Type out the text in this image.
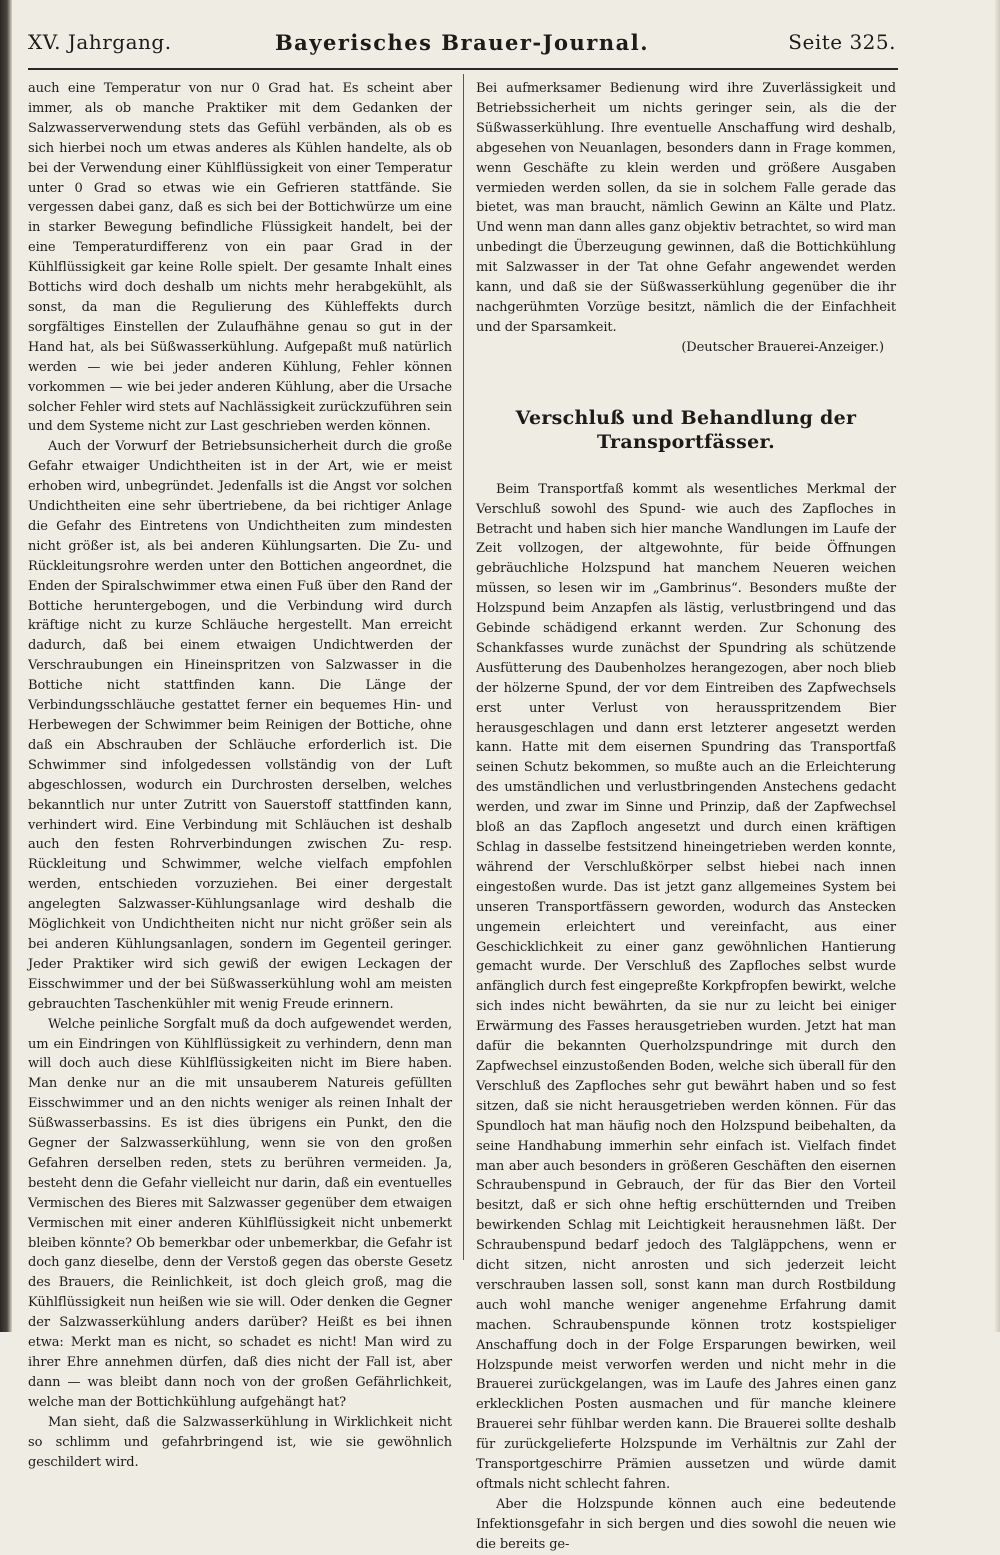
XV. Jahrgang.	Bayerisches Brauer-Journal.	Seite 325.

auch eine Temperatur von nur 0 Grad hat. Es scheint aber immer, als ob manche Praktiker mit dem Gedanken der Salzwasserverwendung stets das Gefühl verbänden, als ob es sich hierbei noch um etwas anderes als Kühlen handelte, als ob bei der Verwendung einer Kühlflüssigkeit von einer Temperatur unter 0 Grad so etwas wie ein Gefrieren stattfände. Sie vergessen dabei ganz, daß es sich bei der Bottichwürze um eine in starker Bewegung befindliche Flüssigkeit handelt, bei der eine Temperaturdifferenz von ein paar Grad in der Kühlflüssigkeit gar keine Rolle spielt. Der gesamte Inhalt eines Bottichs wird doch deshalb um nichts mehr herabgekühlt, als sonst, da man die Regulierung des Kühleffekts durch sorgfältiges Einstellen der Zulaufhähne genau so gut in der Hand hat, als bei Süßwasserkühlung. Aufgepaßt muß natürlich werden — wie bei jeder anderen Kühlung, Fehler können vorkommen — wie bei jeder anderen Kühlung, aber die Ursache solcher Fehler wird stets auf Nachlässigkeit zurückzuführen sein und dem Systeme nicht zur Last geschrieben werden können.

Auch der Vorwurf der Betriebsunsicherheit durch die große Gefahr etwaiger Undichtheiten ist in der Art, wie er meist erhoben wird, unbegründet. Jedenfalls ist die Angst vor solchen Undichtheiten eine sehr übertriebene, da bei richtiger Anlage die Gefahr des Eintretens von Undichtheiten zum mindesten nicht größer ist, als bei anderen Kühlungsarten. Die Zu- und Rückleitungsrohre werden unter den Bottichen angeordnet, die Enden der Spiralschwimmer etwa einen Fuß über den Rand der Bottiche heruntergebogen, und die Verbindung wird durch kräftige nicht zu kurze Schläuche hergestellt. Man erreicht dadurch, daß bei einem etwaigen Undichtwerden der Verschraubungen ein Hineinspritzen von Salzwasser in die Bottiche nicht stattfinden kann. Die Länge der Verbindungsschläuche gestattet ferner ein bequemes Hin- und Herbewegen der Schwimmer beim Reinigen der Bottiche, ohne daß ein Abschrauben der Schläuche erforderlich ist. Die Schwimmer sind infolgedessen vollständig von der Luft abgeschlossen, wodurch ein Durchrosten derselben, welches bekanntlich nur unter Zutritt von Sauerstoff stattfinden kann, verhindert wird. Eine Verbindung mit Schläuchen ist deshalb auch den festen Rohrverbindungen zwischen Zu- resp. Rückleitung und Schwimmer, welche vielfach empfohlen werden, entschieden vorzuziehen. Bei einer dergestalt angelegten Salzwasser-Kühlungsanlage wird deshalb die Möglichkeit von Undichtheiten nicht nur nicht größer sein als bei anderen Kühlungsanlagen, sondern im Gegenteil geringer. Jeder Praktiker wird sich gewiß der ewigen Leckagen der Eisschwimmer und der bei Süßwasserkühlung wohl am meisten gebrauchten Taschenkühler mit wenig Freude erinnern.

Welche peinliche Sorgfalt muß da doch aufgewendet werden, um ein Eindringen von Kühlflüssigkeit zu verhindern, denn man will doch auch diese Kühlflüssigkeiten nicht im Biere haben. Man denke nur an die mit unsauberem Natureis gefüllten Eisschwimmer und an den nichts weniger als reinen Inhalt der Süßwasserbassins. Es ist dies übrigens ein Punkt, den die Gegner der Salzwasserkühlung, wenn sie von den großen Gefahren derselben reden, stets zu berühren vermeiden. Ja, besteht denn die Gefahr vielleicht nur darin, daß ein eventuelles Vermischen des Bieres mit Salzwasser gegenüber dem etwaigen Vermischen mit einer anderen Kühlflüssigkeit nicht unbemerkt bleiben könnte? Ob bemerkbar oder unbemerkbar, die Gefahr ist doch ganz dieselbe, denn der Verstoß gegen das oberste Gesetz des Brauers, die Reinlichkeit, ist doch gleich groß, mag die Kühlflüssigkeit nun heißen wie sie will. Oder denken die Gegner der Salzwasserkühlung anders darüber? Heißt es bei ihnen etwa: Merkt man es nicht, so schadet es nicht! Man wird zu ihrer Ehre annehmen dürfen, daß dies nicht der Fall ist, aber dann — was bleibt dann noch von der großen Gefährlichkeit, welche man der Bottichkühlung aufgehängt hat?

Man sieht, daß die Salzwasserkühlung in Wirklichkeit nicht so schlimm und gefahrbringend ist, wie sie gewöhnlich geschildert wird.

Bei aufmerksamer Bedienung wird ihre Zuverlässigkeit und Betriebssicherheit um nichts geringer sein, als die der Süßwasserkühlung. Ihre eventuelle Anschaffung wird deshalb, abgesehen von Neuanlagen, besonders dann in Frage kommen, wenn Geschäfte zu klein werden und größere Ausgaben vermieden werden sollen, da sie in solchem Falle gerade das bietet, was man braucht, nämlich Gewinn an Kälte und Platz. Und wenn man dann alles ganz objektiv betrachtet, so wird man unbedingt die Überzeugung gewinnen, daß die Bottichkühlung mit Salzwasser in der Tat ohne Gefahr angewendet werden kann, und daß sie der Süßwasserkühlung gegenüber die ihr nachgerühmten Vorzüge besitzt, nämlich die der Einfachheit und der Sparsamkeit.

(Deutscher Brauerei-Anzeiger.)
Verschluß und Behandlung der Transportfässer.

Beim Transportfaß kommt als wesentliches Merkmal der Verschluß sowohl des Spund- wie auch des Zapfloches in Betracht und haben sich hier manche Wandlungen im Laufe der Zeit vollzogen, der altgewohnte, für beide Öffnungen gebräuchliche Holzspund hat manchem Neueren weichen müssen, so lesen wir im „Gambrinus“. Besonders mußte der Holzspund beim Anzapfen als lästig, verlustbringend und das Gebinde schädigend erkannt werden. Zur Schonung des Schankfasses wurde zunächst der Spundring als schützende Ausfütterung des Daubenholzes herangezogen, aber noch blieb der hölzerne Spund, der vor dem Eintreiben des Zapfwechsels erst unter Verlust von herausspritzendem Bier herausgeschlagen und dann erst letzterer angesetzt werden kann. Hatte mit dem eisernen Spundring das Transportfaß seinen Schutz bekommen, so mußte auch an die Erleichterung des umständlichen und verlustbringenden Anstechens gedacht werden, und zwar im Sinne und Prinzip, daß der Zapfwechsel bloß an das Zapfloch angesetzt und durch einen kräftigen Schlag in dasselbe festsitzend hineingetrieben werden konnte, während der Verschlußkörper selbst hiebei nach innen eingestoßen wurde. Das ist jetzt ganz allgemeines System bei unseren Transportfässern geworden, wodurch das Anstecken ungemein erleichtert und vereinfacht, aus einer Geschicklichkeit zu einer ganz gewöhnlichen Hantierung gemacht wurde. Der Verschluß des Zapfloches selbst wurde anfänglich durch fest eingepreßte Korkpfropfen bewirkt, welche sich indes nicht bewährten, da sie nur zu leicht bei einiger Erwärmung des Fasses herausgetrieben wurden. Jetzt hat man dafür die bekannten Querholzspundringe mit durch den Zapfwechsel einzustoßenden Boden, welche sich überall für den Verschluß des Zapfloches sehr gut bewährt haben und so fest sitzen, daß sie nicht herausgetrieben werden können. Für das Spundloch hat man häufig noch den Holzspund beibehalten, da seine Handhabung immerhin sehr einfach ist. Vielfach findet man aber auch besonders in größeren Geschäften den eisernen Schraubenspund in Gebrauch, der für das Bier den Vorteil besitzt, daß er sich ohne heftig erschütternden und Treiben bewirkenden Schlag mit Leichtigkeit herausnehmen läßt. Der Schraubenspund bedarf jedoch des Talgläppchens, wenn er dicht sitzen, nicht anrosten und sich jederzeit leicht verschrauben lassen soll, sonst kann man durch Rostbildung auch wohl manche weniger angenehme Erfahrung damit machen. Schraubenspunde können trotz kostspieliger Anschaffung doch in der Folge Ersparungen bewirken, weil Holzspunde meist verworfen werden und nicht mehr in die Brauerei zurückgelangen, was im Laufe des Jahres einen ganz erklecklichen Posten ausmachen und für manche kleinere Brauerei sehr fühlbar werden kann. Die Brauerei sollte deshalb für zurückgelieferte Holzspunde im Verhältnis zur Zahl der Transportgeschirre Prämien aussetzen und würde damit oftmals nicht schlecht fahren.

Aber die Holzspunde können auch eine bedeutende Infektionsgefahr in sich bergen und dies sowohl die neuen wie die bereits ge-
